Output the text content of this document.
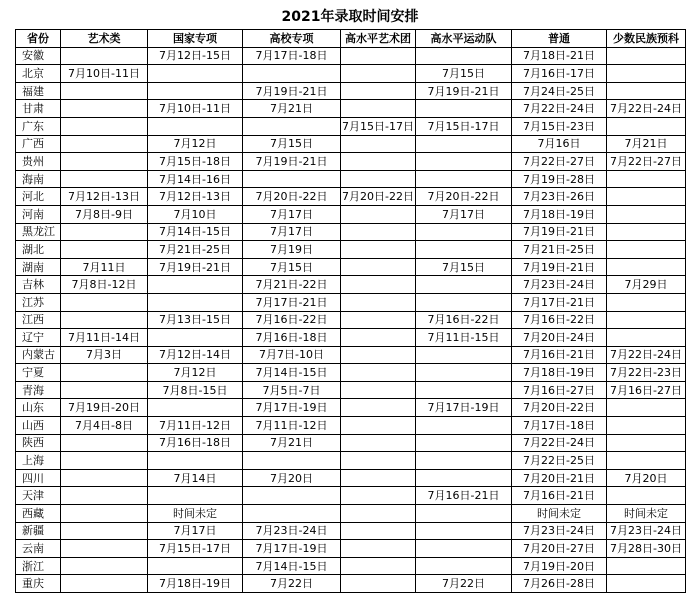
2021年录取时间安排
省份	艺术类	国家专项	高校专项	高水平艺术团	高水平运动队	普通	少数民族预科
安徽		7月12日-15日	7月17日-18日			7月18日-21日	
北京	7月10日-11日				7月15日	7月16日-17日	
福建			7月19日-21日		7月19日-21日	7月24日-25日	
甘肃		7月10日-11日	7月21日			7月22日-24日	7月22日-24日
广东				7月15日-17日	7月15日-17日	7月15日-23日	
广西		7月12日	7月15日			7月16日	7月21日
贵州		7月15日-18日	7月19日-21日			7月22日-27日	7月22日-27日
海南		7月14日-16日				7月19日-28日	
河北	7月12日-13日	7月12日-13日	7月20日-22日	7月20日-22日	7月20日-22日	7月23日-26日	
河南	7月8日-9日	7月10日	7月17日		7月17日	7月18日-19日	
黑龙江		7月14日-15日	7月17日			7月19日-21日	
湖北		7月21日-25日	7月19日			7月21日-25日	
湖南	7月11日	7月19日-21日	7月15日		7月15日	7月19日-21日	
吉林	7月8日-12日		7月21日-22日			7月23日-24日	7月29日
江苏			7月17日-21日			7月17日-21日	
江西		7月13日-15日	7月16日-22日		7月16日-22日	7月16日-22日	
辽宁	7月11日-14日		7月16日-18日		7月11日-15日	7月20日-24日	
内蒙古	7月3日	7月12日-14日	7月7日-10日			7月16日-21日	7月22日-24日
宁夏		7月12日	7月14日-15日			7月18日-19日	7月22日-23日
青海		7月8日-15日	7月5日-7日			7月16日-27日	7月16日-27日
山东	7月19日-20日		7月17日-19日		7月17日-19日	7月20日-22日	
山西	7月4日-8日	7月11日-12日	7月11日-12日			7月17日-18日	
陕西		7月16日-18日	7月21日			7月22日-24日	
上海						7月22日-25日	
四川		7月14日	7月20日			7月20日-21日	7月20日
天津					7月16日-21日	7月16日-21日	
西藏		时间未定				时间未定	时间未定
新疆		7月17日	7月23日-24日			7月23日-24日	7月23日-24日
云南		7月15日-17日	7月17日-19日			7月20日-27日	7月28日-30日
浙江			7月14日-15日			7月19日-20日	
重庆		7月18日-19日	7月22日		7月22日	7月26日-28日	
